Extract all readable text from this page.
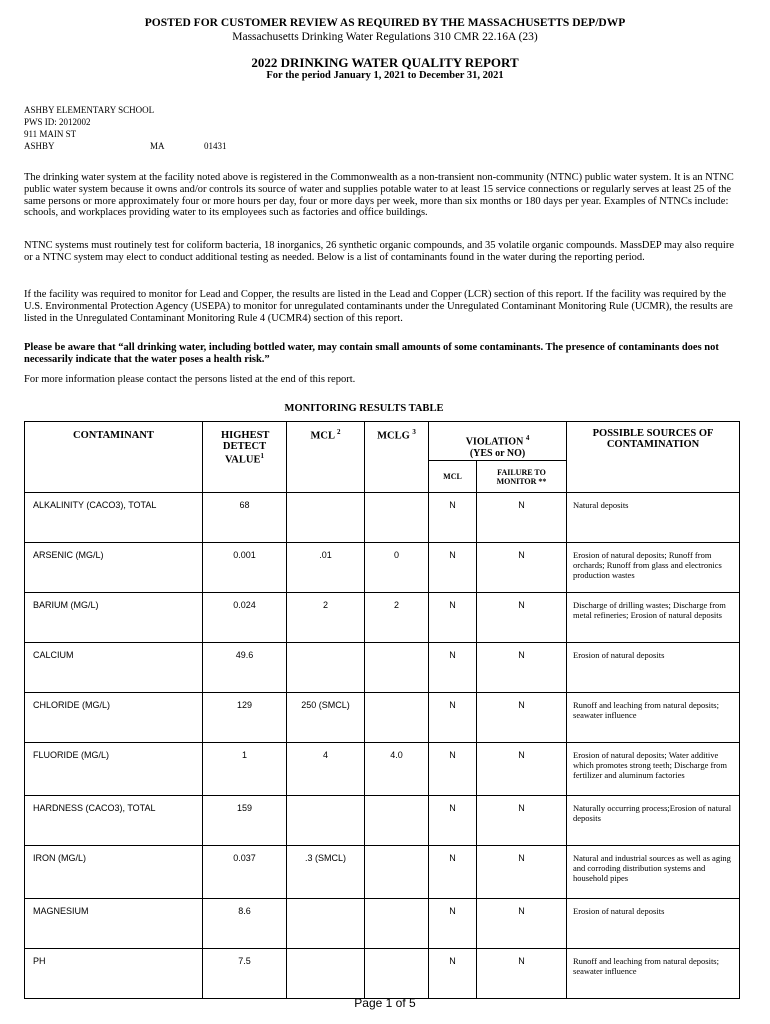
POSTED FOR CUSTOMER REVIEW AS REQUIRED BY THE MASSACHUSETTS DEP/DWP
Massachusetts Drinking Water Regulations 310 CMR 22.16A (23)
2022 DRINKING WATER QUALITY REPORT
For the period January 1, 2021 to December 31, 2021
ASHBY ELEMENTARY SCHOOL
PWS ID: 2012002
911 MAIN ST
ASHBY	MA	01431
The drinking water system at the facility noted above is registered in the Commonwealth as a non-transient non-community (NTNC) public water system. It is an NTNC public water system because it owns and/or controls its source of water and supplies potable water to at least 15 service connections or regularly serves at least 25 of the same persons or more approximately four or more hours per day, four or more days per week, more than six months or 180 days per year. Examples of NTNCs include: schools, and workplaces providing water to its employees such as factories and office buildings.
NTNC systems must routinely test for coliform bacteria, 18 inorganics, 26 synthetic organic compounds, and 35 volatile organic compounds. MassDEP may also require or a NTNC system may elect to conduct additional testing as needed. Below is a list of contaminants found in the water during the reporting period.
If the facility was required to monitor for Lead and Copper, the results are listed in the Lead and Copper (LCR) section of this report. If the facility was required by the U.S. Environmental Protection Agency (USEPA) to monitor for unregulated contaminants under the Unregulated Contaminant Monitoring Rule (UCMR), the results are listed in the Unregulated Contaminant Monitoring Rule 4 (UCMR4) section of this report.
Please be aware that “all drinking water, including bottled water, may contain small amounts of some contaminants. The presence of contaminants does not necessarily indicate that the water poses a health risk.”
For more information please contact the persons listed at the end of this report.
MONITORING RESULTS TABLE
CONTAMINANT	HIGHEST DETECT VALUE$^1$	MCL $^2$	MCLG $^3$	VIOLATION $^4$
(YES or NO)		POSSIBLE SOURCES OF CONTAMINATION
				MCL	FAILURE TO MONITOR **	
ALKALINITY (CACO3), TOTAL	68			N	N	Natural deposits
ARSENIC (MG/L)	0.001	.01	0	N	N	Erosion of natural deposits; Runoff from orchards; Runoff from glass and electronics production wastes
BARIUM (MG/L)	0.024	2	2	N	N	Discharge of drilling wastes; Discharge from metal refineries; Erosion of natural deposits
CALCIUM	49.6			N	N	Erosion of natural deposits
CHLORIDE (MG/L)	129	250 (SMCL)		N	N	Runoff and leaching from natural deposits; seawater influence
FLUORIDE (MG/L)	1	4	4.0	N	N	Erosion of natural deposits; Water additive which promotes strong teeth; Discharge from fertilizer and aluminum factories
HARDNESS (CACO3), TOTAL	159			N	N	Naturally occurring process;Erosion of natural deposits
IRON (MG/L)	0.037	.3 (SMCL)		N	N	Natural and industrial sources as well as aging and corroding distribution systems and household pipes
MAGNESIUM	8.6			N	N	Erosion of natural deposits
PH	7.5			N	N	Runoff and leaching from natural deposits; seawater influence
Page 1 of 5
